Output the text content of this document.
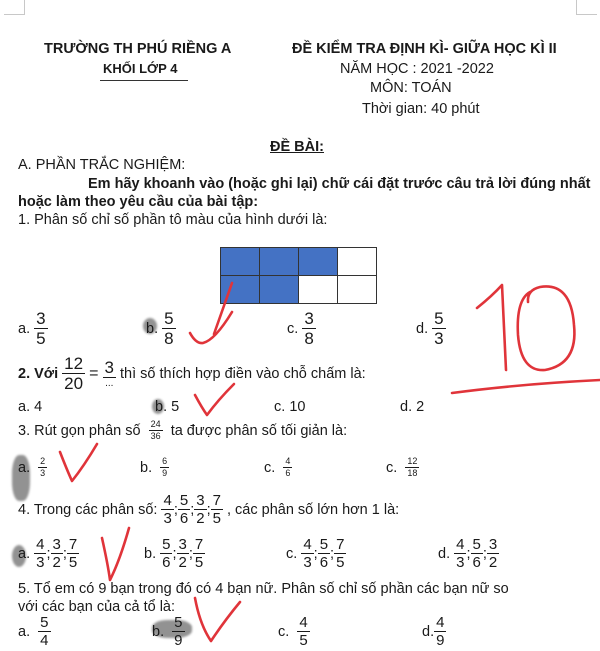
TRƯỜNG TH PHÚ RIỀNG A
KHỐI LỚP 4
ĐỀ KIỂM TRA ĐỊNH KÌ- GIỮA HỌC KÌ II
NĂM HỌC : 2021 -2022
MÔN: TOÁN
Thời gian: 40 phút
ĐỀ BÀI:
A. PHẦN TRẮC NGHIỆM:
Em hãy khoanh vào (hoặc ghi lại) chữ cái đặt trước câu trả lời đúng nhất
hoặc làm theo yêu cầu của bài tập:
1. Phân số chỉ số phần tô màu của hình dưới là:
a.
$\frac{3}{5}$	b.
$\frac{5}{8}$	c.
$\frac{3}{8}$	d.
$\frac{5}{3}$
2. Với
$\frac{12}{20}$
=
$\frac{3}{...}$
thì số thích hợp điền vào chỗ chấm là:
a.
4	b.
5	c.
10	d.
2
3. Rút gọn phân số
$\frac{24}{36}$
ta được phân số tối giản là:
a.
$\frac{2}{3}$	b.
$\frac{6}{9}$	c.
$\frac{4}{6}$	c.
$\frac{12}{18}$
4. Trong các phân số:
$\frac{4}{3}$ ; $\frac{5}{6}$ ; $\frac{3}{2}$ ; $\frac{7}{5}$
, các phân số lớn hơn 1 là:
a.
$\frac{4}{3}$ ; $\frac{3}{2}$ ; $\frac{7}{5}$	b.
$\frac{5}{6}$ ; $\frac{3}{2}$ ; $\frac{7}{5}$	c.
$\frac{4}{3}$ ; $\frac{5}{6}$ ; $\frac{7}{5}$	d.
$\frac{4}{3}$ ; $\frac{5}{6}$ ; $\frac{3}{2}$
5. Tổ em có 9 bạn trong đó có 4 bạn nữ. Phân số chỉ số phần các bạn nữ so
với các bạn của cả tổ là:
a.
$\frac{5}{4}$	b.
$\frac{5}{9}$	c.
$\frac{4}{5}$	d. $\frac{4}{9}$
